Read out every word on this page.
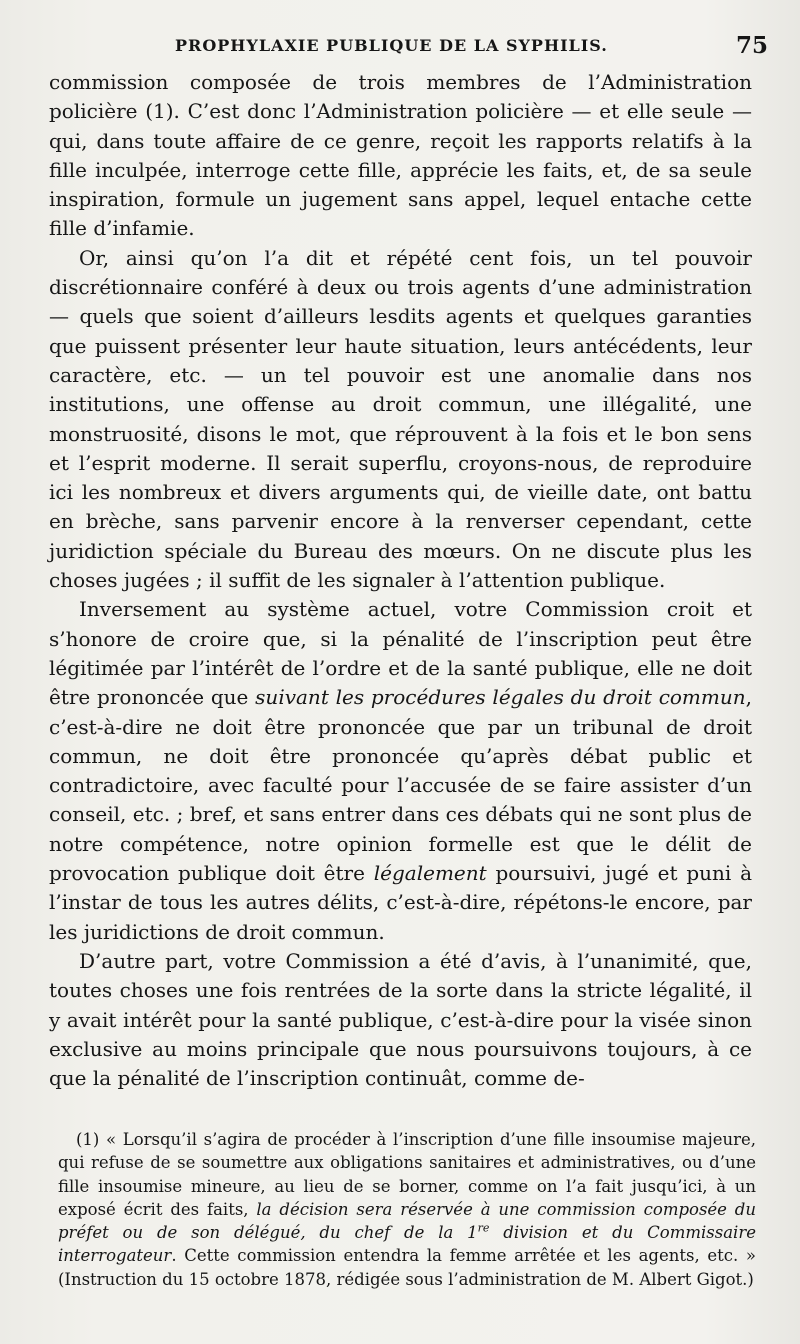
PROPHYLAXIE PUBLIQUE DE LA SYPHILIS.	75

commission composée de trois membres de l’Administration policière (1). C’est donc l’Administration policière — et elle seule — qui, dans toute affaire de ce genre, reçoit les rapports relatifs à la fille inculpée, interroge cette fille, apprécie les faits, et, de sa seule inspiration, formule un jugement sans appel, lequel entache cette fille d’infamie.

Or, ainsi qu’on l’a dit et répété cent fois, un tel pouvoir discrétionnaire conféré à deux ou trois agents d’une administration — quels que soient d’ailleurs lesdits agents et quelques garanties que puissent présenter leur haute situation, leurs antécédents, leur caractère, etc. — un tel pouvoir est une anomalie dans nos institutions, une offense au droit commun, une illégalité, une monstruosité, disons le mot, que réprouvent à la fois et le bon sens et l’esprit moderne. Il serait superflu, croyons-nous, de reproduire ici les nombreux et divers arguments qui, de vieille date, ont battu en brèche, sans parvenir encore à la renverser cependant, cette juridiction spéciale du Bureau des mœurs. On ne discute plus les choses jugées ; il suffit de les signaler à l’attention publique.

Inversement au système actuel, votre Commission croit et s’honore de croire que, si la pénalité de l’inscription peut être légitimée par l’intérêt de l’ordre et de la santé publique, elle ne doit être prononcée que suivant les procédures légales du droit commun, c’est-à-dire ne doit être prononcée que par un tribunal de droit commun, ne doit être prononcée qu’après débat public et contradictoire, avec faculté pour l’accusée de se faire assister d’un conseil, etc. ; bref, et sans entrer dans ces débats qui ne sont plus de notre compétence, notre opinion formelle est que le délit de provocation publique doit être légalement poursuivi, jugé et puni à l’instar de tous les autres délits, c’est-à-dire, répétons-le encore, par les juridictions de droit commun.

D’autre part, votre Commission a été d’avis, à l’unanimité, que, toutes choses une fois rentrées de la sorte dans la stricte légalité, il y avait intérêt pour la santé publique, c’est-à-dire pour la visée sinon exclusive au moins principale que nous poursuivons toujours, à ce que la pénalité de l’inscription continuât, comme de-

(1) « Lorsqu’il s’agira de procéder à l’inscription d’une fille insoumise majeure, qui refuse de se soumettre aux obligations sanitaires et administratives, ou d’une fille insoumise mineure, au lieu de se borner, comme on l’a fait jusqu’ici, à un exposé écrit des faits, la décision sera réservée à une commission composée du préfet ou de son délégué, du chef de la 1re division et du Commissaire interrogateur. Cette commission entendra la femme arrêtée et les agents, etc. » (Instruction du 15 octobre 1878, rédigée sous l’administration de M. Albert Gigot.)
